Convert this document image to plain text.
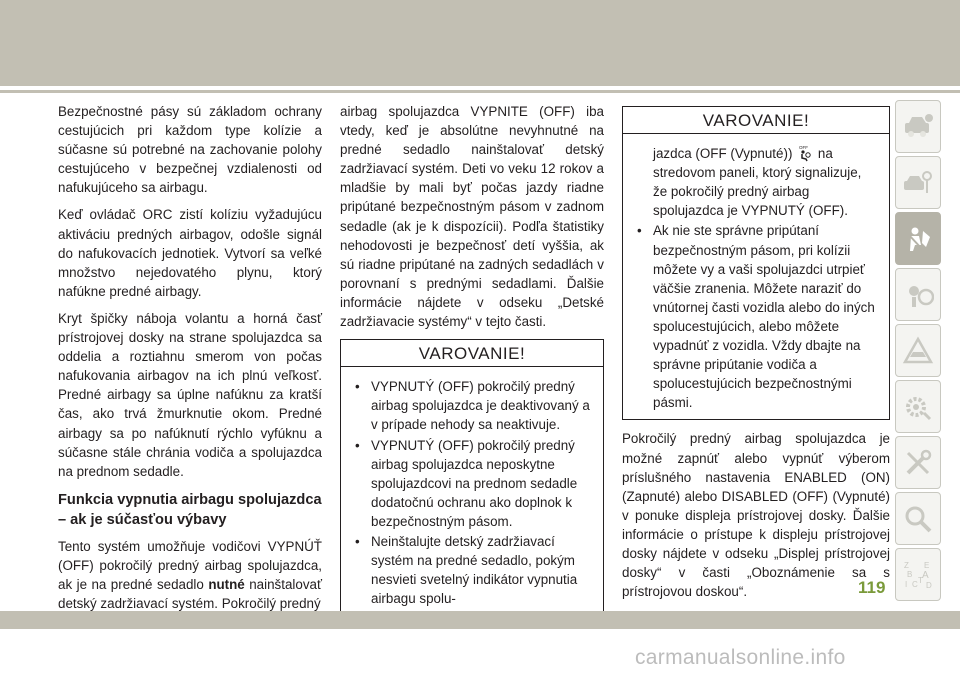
Bezpečnostné pásy sú základom ochrany cestujúcich pri každom type kolízie a súčasne sú potrebné na zachovanie polohy cestujúceho v bezpečnej vzdialenosti od nafukujúceho sa airbagu.

Keď ovládač ORC zistí kolíziu vyžadujúcu aktiváciu predných airbagov, odošle signál do nafukovacích jednotiek. Vytvorí sa veľké množstvo nejedovatého plynu, ktorý nafúkne predné airbagy.

Kryt špičky náboja volantu a horná časť prístrojovej dosky na strane spolujazdca sa oddelia a roztiahnu smerom von počas nafukovania airbagov na ich plnú veľkosť. Predné airbagy sa úplne nafúknu za kratší čas, ako trvá žmurknutie okom. Predné airbagy sa po nafúknutí rýchlo vyfúknu a súčasne stále chránia vodiča a spolujazdca na prednom sedadle.

Funkcia vypnutia airbagu spolujazdca – ak je súčasťou výbavy

Tento systém umožňuje vodičovi VYPNÚŤ (OFF) pokročilý predný airbag spolujazdca, ak je na predné sedadlo nutné nainštalovať detský zadržiavací systém. Pokročilý predný

airbag spolujazdca VYPNITE (OFF) iba vtedy, keď je absolútne nevyhnutné na predné sedadlo nainštalovať detský zadržiavací systém. Deti vo veku 12 rokov a mladšie by mali byť počas jazdy riadne pripútané bezpečnostným pásom v zadnom sedadle (ak je k dispozícii). Podľa štatistiky nehodovosti je bezpečnosť detí vyššia, ak sú riadne pripútané na zadných sedadlách v porovnaní s prednými sedadlami. Ďalšie informácie nájdete v odseku „Detské zadržiavacie systémy“ v tejto časti.

VAROVANIE!
• VYPNUTÝ (OFF) pokročilý predný airbag spolujazdca je deaktivovaný a v prípade nehody sa neaktivuje.
• VYPNUTÝ (OFF) pokročilý predný airbag spolujazdca neposkytne spolujazdcovi na prednom sedadle dodatočnú ochranu ako doplnok k bezpečnostným pásom.
• Neinštalujte detský zadržiavací systém na predné sedadlo, pokým nesvieti svetelný indikátor vypnutia airbagu spolu-
VAROVANIE!
jazdca (OFF (Vypnuté)) OFF na stredovom paneli, ktorý signalizuje, že pokročilý predný airbag spolujazdca je VYPNUTÝ (OFF).
• Ak nie ste správne pripútaní bezpečnostným pásom, pri kolízii môžete vy a vaši spolujazdci utrpieť väčšie zranenia. Môžete naraziť do vnútornej časti vozidla alebo do iných spolucestujúcich, alebo môžete vypadnúť z vozidla. Vždy dbajte na správne pripútanie vodiča a spolucestujúcich bezpečnostnými pásmi.

Pokročilý predný airbag spolujazdca je možné zapnúť alebo vypnúť výberom príslušného nastavenia ENABLED (ON) (Zapnuté) alebo DISABLED (OFF) (Vypnuté) v ponuke displeja prístrojovej dosky. Ďalšie informácie o prístupe k displeju prístrojovej dosky nájdete v odseku „Displej prístrojovej dosky“ v časti „Oboznámenie sa s prístrojovou doskou“.

Z E
B A
I C D
T
119
carmanualsonline.info
